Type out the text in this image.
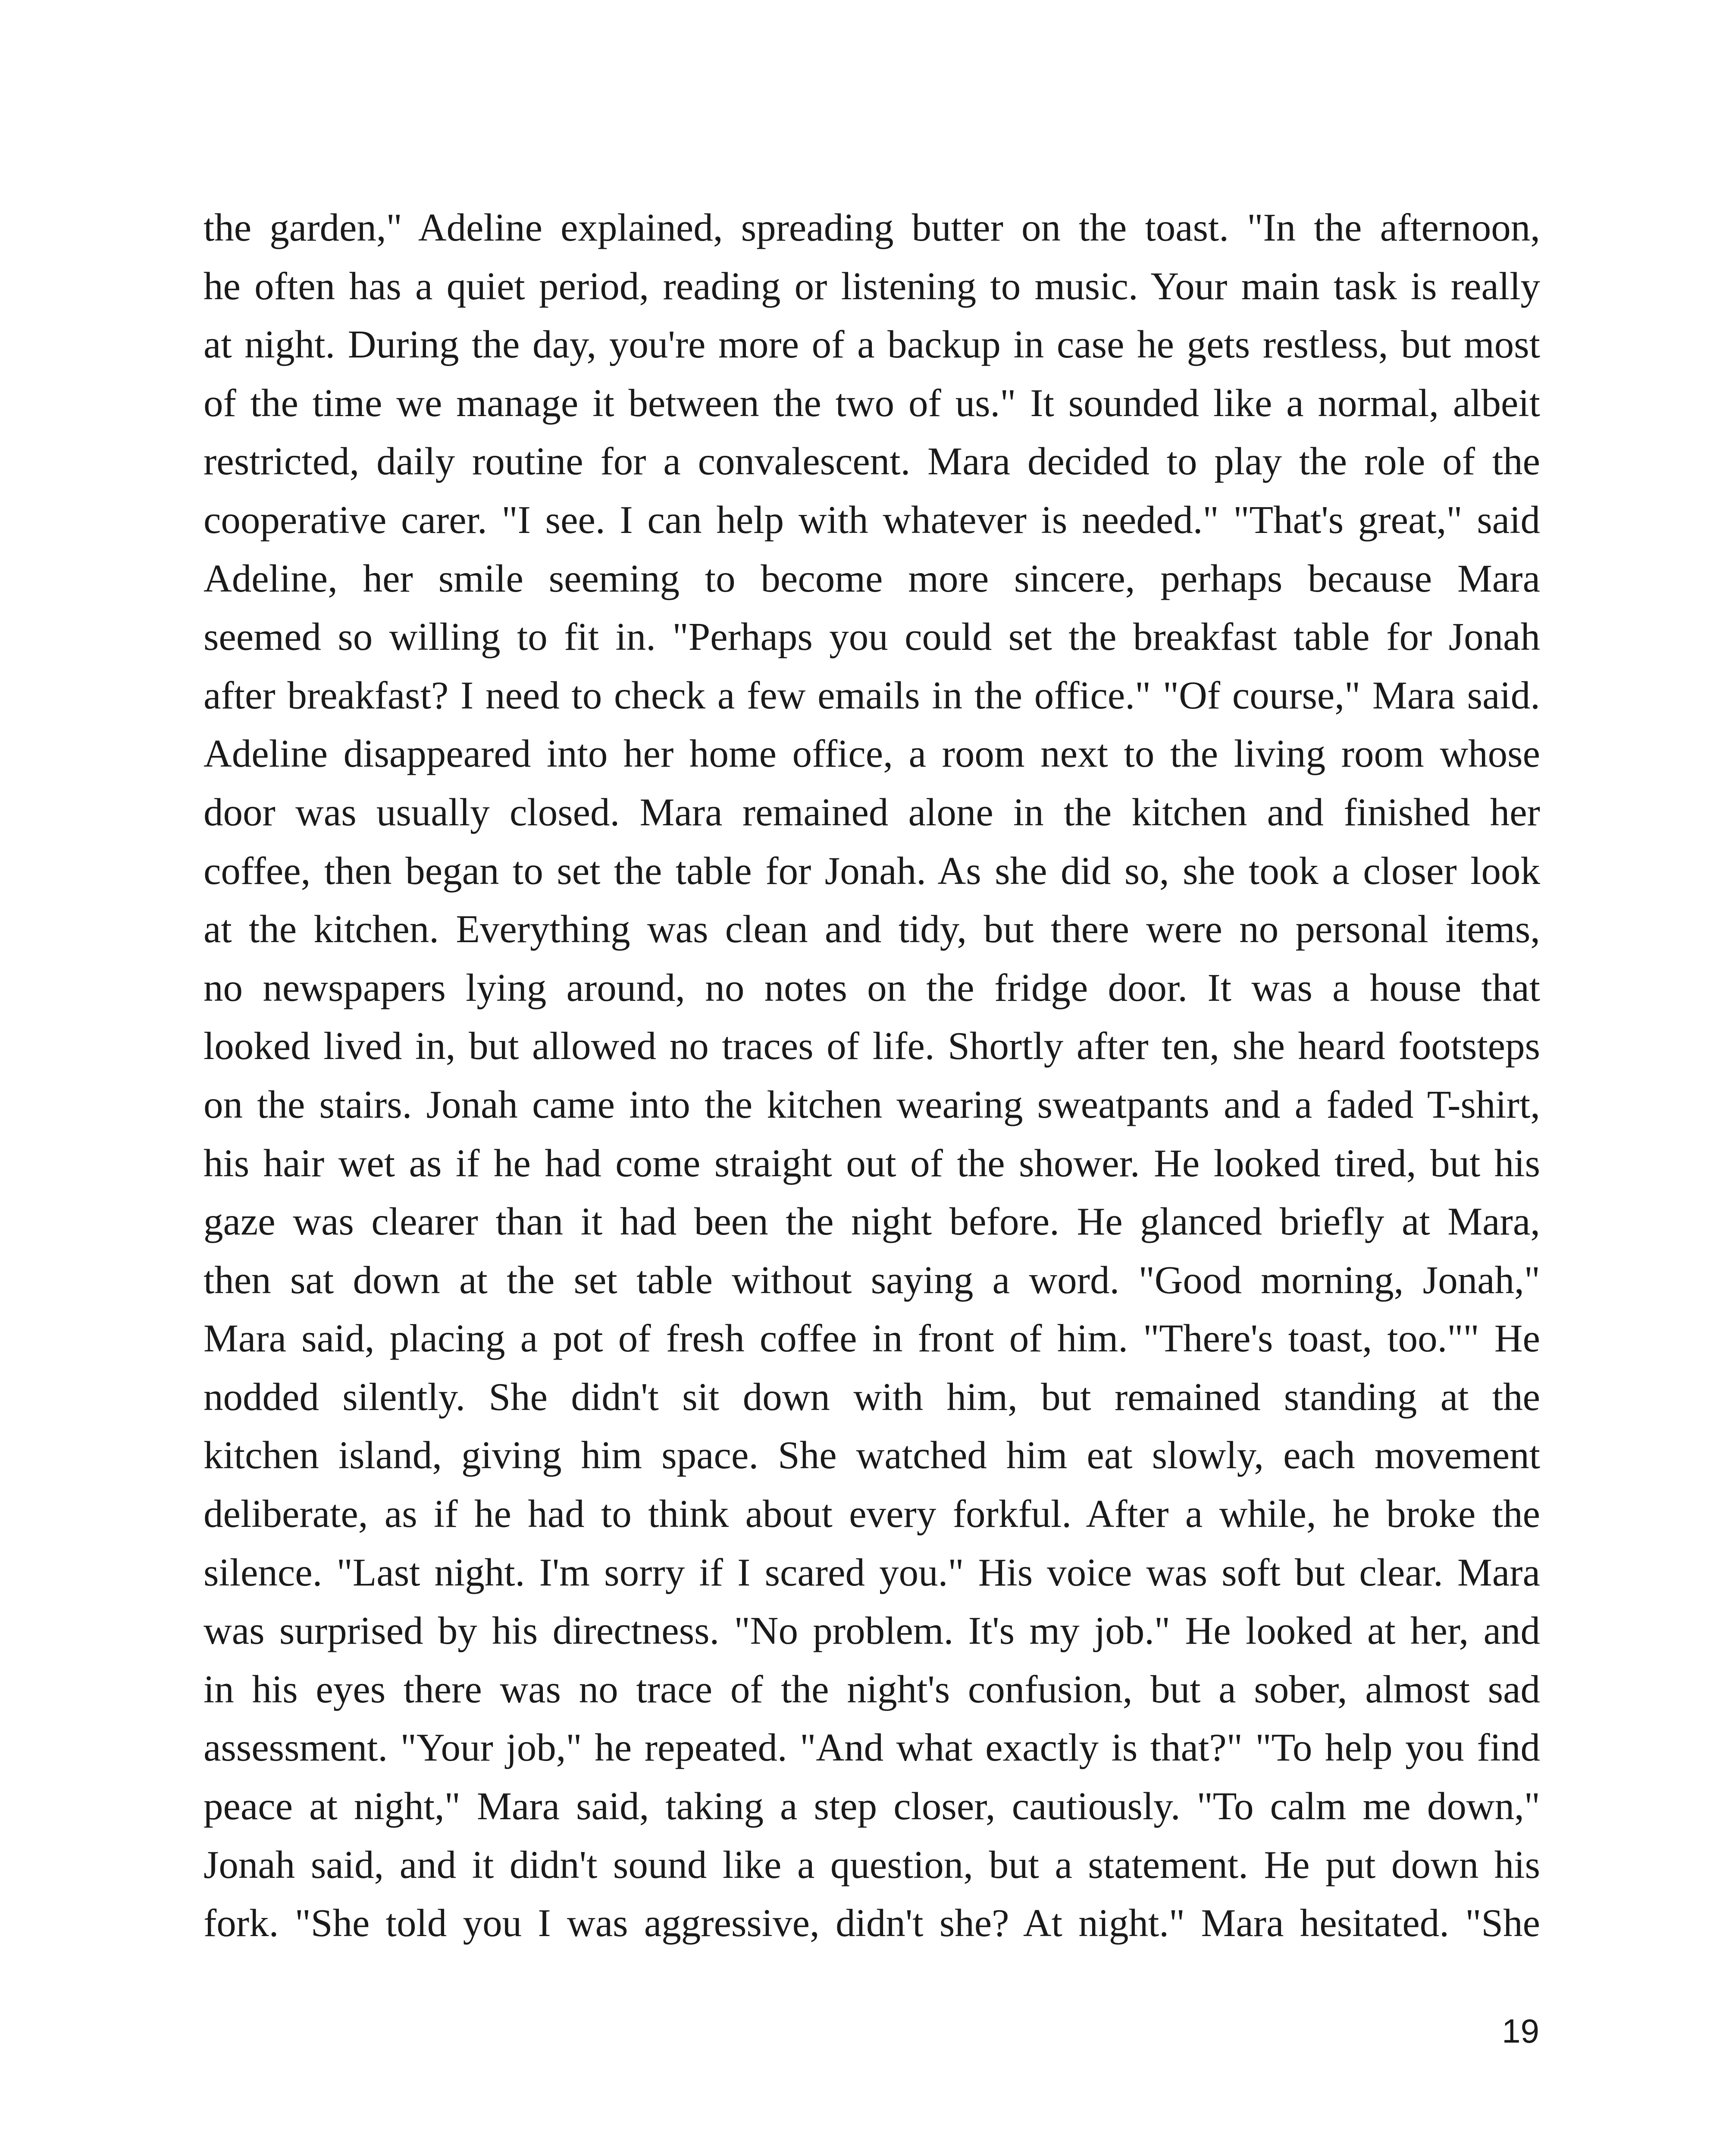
the garden," Adeline explained, spreading butter on the toast. "In the afternoon,
he often has a quiet period, reading or listening to music. Your main task is really
at night. During the day, you're more of a backup in case he gets restless, but most
of the time we manage it between the two of us." It sounded like a normal, albeit
restricted, daily routine for a convalescent. Mara decided to play the role of the
cooperative carer. "I see. I can help with whatever is needed." "That's great," said
Adeline, her smile seeming to become more sincere, perhaps because Mara
seemed so willing to fit in. "Perhaps you could set the breakfast table for Jonah
after breakfast? I need to check a few emails in the office." "Of course," Mara said.
Adeline disappeared into her home office, a room next to the living room whose
door was usually closed. Mara remained alone in the kitchen and finished her
coffee, then began to set the table for Jonah. As she did so, she took a closer look
at the kitchen. Everything was clean and tidy, but there were no personal items,
no newspapers lying around, no notes on the fridge door. It was a house that
looked lived in, but allowed no traces of life. Shortly after ten, she heard footsteps
on the stairs. Jonah came into the kitchen wearing sweatpants and a faded T-shirt,
his hair wet as if he had come straight out of the shower. He looked tired, but his
gaze was clearer than it had been the night before. He glanced briefly at Mara,
then sat down at the set table without saying a word. "Good morning, Jonah,"
Mara said, placing a pot of fresh coffee in front of him. "There's toast, too."" He
nodded silently. She didn't sit down with him, but remained standing at the
kitchen island, giving him space. She watched him eat slowly, each movement
deliberate, as if he had to think about every forkful. After a while, he broke the
silence. "Last night. I'm sorry if I scared you." His voice was soft but clear. Mara
was surprised by his directness. "No problem. It's my job." He looked at her, and
in his eyes there was no trace of the night's confusion, but a sober, almost sad
assessment. "Your job," he repeated. "And what exactly is that?" "To help you find
peace at night," Mara said, taking a step closer, cautiously. "To calm me down,"
Jonah said, and it didn't sound like a question, but a statement. He put down his
fork. "She told you I was aggressive, didn't she? At night." Mara hesitated. "She
19
